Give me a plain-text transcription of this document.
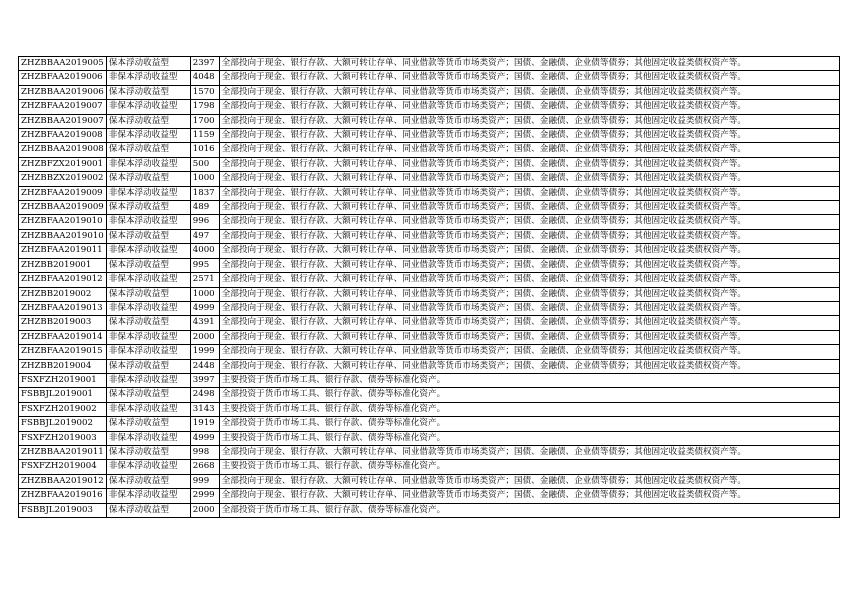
ZHZBBAA2019005	保本浮动收益型	2397	全部投向于现金、银行存款、大额可转让存单、同业借款等货币市场类资产；国债、金融债、企业债等债券；其他固定收益类债权资产等。
ZHZBFAA2019006	非保本浮动收益型	4048	全部投向于现金、银行存款、大额可转让存单、同业借款等货币市场类资产；国债、金融债、企业债等债券；其他固定收益类债权资产等。
ZHZBBAA2019006	保本浮动收益型	1570	全部投向于现金、银行存款、大额可转让存单、同业借款等货币市场类资产；国债、金融债、企业债等债券；其他固定收益类债权资产等。
ZHZBFAA2019007	非保本浮动收益型	1798	全部投向于现金、银行存款、大额可转让存单、同业借款等货币市场类资产；国债、金融债、企业债等债券；其他固定收益类债权资产等。
ZHZBBAA2019007	保本浮动收益型	1700	全部投向于现金、银行存款、大额可转让存单、同业借款等货币市场类资产；国债、金融债、企业债等债券；其他固定收益类债权资产等。
ZHZBFAA2019008	非保本浮动收益型	1159	全部投向于现金、银行存款、大额可转让存单、同业借款等货币市场类资产；国债、金融债、企业债等债券；其他固定收益类债权资产等。
ZHZBBAA2019008	保本浮动收益型	1016	全部投向于现金、银行存款、大额可转让存单、同业借款等货币市场类资产；国债、金融债、企业债等债券；其他固定收益类债权资产等。
ZHZBFZX2019001	非保本浮动收益型	500	全部投向于现金、银行存款、大额可转让存单、同业借款等货币市场类资产；国债、金融债、企业债等债券；其他固定收益类债权资产等。
ZHZBBZX2019002	保本浮动收益型	1000	全部投向于现金、银行存款、大额可转让存单、同业借款等货币市场类资产；国债、金融债、企业债等债券；其他固定收益类债权资产等。
ZHZBFAA2019009	非保本浮动收益型	1837	全部投向于现金、银行存款、大额可转让存单、同业借款等货币市场类资产；国债、金融债、企业债等债券；其他固定收益类债权资产等。
ZHZBBAA2019009	保本浮动收益型	489	全部投向于现金、银行存款、大额可转让存单、同业借款等货币市场类资产；国债、金融债、企业债等债券；其他固定收益类债权资产等。
ZHZBFAA2019010	非保本浮动收益型	996	全部投向于现金、银行存款、大额可转让存单、同业借款等货币市场类资产；国债、金融债、企业债等债券；其他固定收益类债权资产等。
ZHZBBAA2019010	保本浮动收益型	497	全部投向于现金、银行存款、大额可转让存单、同业借款等货币市场类资产；国债、金融债、企业债等债券；其他固定收益类债权资产等。
ZHZBFAA2019011	非保本浮动收益型	4000	全部投向于现金、银行存款、大额可转让存单、同业借款等货币市场类资产；国债、金融债、企业债等债券；其他固定收益类债权资产等。
ZHZBB2019001	保本浮动收益型	995	全部投向于现金、银行存款、大额可转让存单、同业借款等货币市场类资产；国债、金融债、企业债等债券；其他固定收益类债权资产等。
ZHZBFAA2019012	非保本浮动收益型	2571	全部投向于现金、银行存款、大额可转让存单、同业借款等货币市场类资产；国债、金融债、企业债等债券；其他固定收益类债权资产等。
ZHZBB2019002	保本浮动收益型	1000	全部投向于现金、银行存款、大额可转让存单、同业借款等货币市场类资产；国债、金融债、企业债等债券；其他固定收益类债权资产等。
ZHZBFAA2019013	非保本浮动收益型	4999	全部投向于现金、银行存款、大额可转让存单、同业借款等货币市场类资产；国债、金融债、企业债等债券；其他固定收益类债权资产等。
ZHZBB2019003	保本浮动收益型	4391	全部投向于现金、银行存款、大额可转让存单、同业借款等货币市场类资产；国债、金融债、企业债等债券；其他固定收益类债权资产等。
ZHZBFAA2019014	非保本浮动收益型	2000	全部投向于现金、银行存款、大额可转让存单、同业借款等货币市场类资产；国债、金融债、企业债等债券；其他固定收益类债权资产等。
ZHZBFAA2019015	非保本浮动收益型	1999	全部投向于现金、银行存款、大额可转让存单、同业借款等货币市场类资产；国债、金融债、企业债等债券；其他固定收益类债权资产等。
ZHZBB2019004	保本浮动收益型	2448	全部投向于现金、银行存款、大额可转让存单、同业借款等货币市场类资产；国债、金融债、企业债等债券；其他固定收益类债权资产等。
FSXFZH2019001	非保本浮动收益型	3997	主要投资于货币市场工具、银行存款、债券等标准化资产。
FSBBJL2019001	保本浮动收益型	2498	全部投资于货币市场工具、银行存款、债券等标准化资产。
FSXFZH2019002	非保本浮动收益型	3143	主要投资于货币市场工具、银行存款、债券等标准化资产。
FSBBJL2019002	保本浮动收益型	1919	全部投资于货币市场工具、银行存款、债券等标准化资产。
FSXFZH2019003	非保本浮动收益型	4999	主要投资于货币市场工具、银行存款、债券等标准化资产。
ZHZBBAA2019011	保本浮动收益型	998	全部投向于现金、银行存款、大额可转让存单、同业借款等货币市场类资产；国债、金融债、企业债等债券；其他固定收益类债权资产等。
FSXFZH2019004	非保本浮动收益型	2668	主要投资于货币市场工具、银行存款、债券等标准化资产。
ZHZBBAA2019012	保本浮动收益型	999	全部投向于现金、银行存款、大额可转让存单、同业借款等货币市场类资产；国债、金融债、企业债等债券；其他固定收益类债权资产等。
ZHZBFAA2019016	非保本浮动收益型	2999	全部投向于现金、银行存款、大额可转让存单、同业借款等货币市场类资产；国债、金融债、企业债等债券；其他固定收益类债权资产等。
FSBBJL2019003	保本浮动收益型	2000	全部投资于货币市场工具、银行存款、债券等标准化资产。
